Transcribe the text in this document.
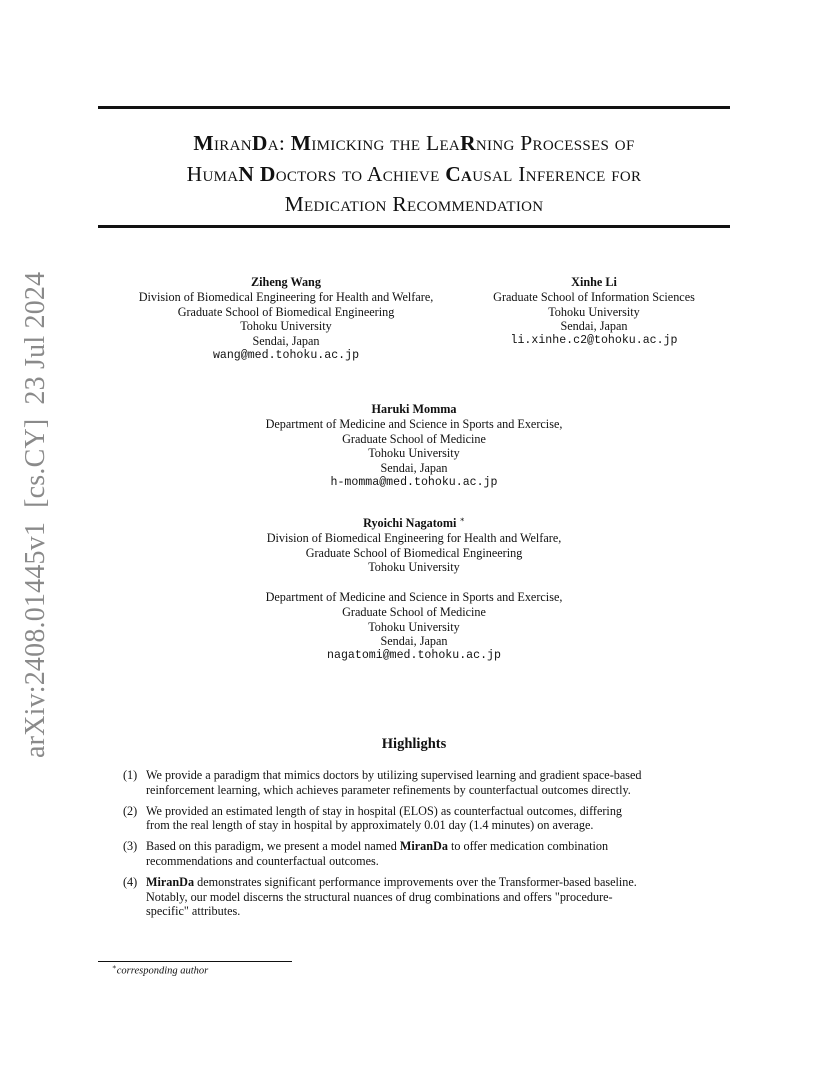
arXiv:2408.01445v1[cs.CY]23 Jul 2024
MiranDa: Mimicking the LeaRning Processes of
HumaN Doctors to Achieve Causal Inference for
Medication Recommendation
Ziheng Wang
Division of Biomedical Engineering for Health and Welfare,
Graduate School of Biomedical Engineering
Tohoku University
Sendai, Japan
wang@med.tohoku.ac.jp
Xinhe Li
Graduate School of Information Sciences
Tohoku University
Sendai, Japan
li.xinhe.c2@tohoku.ac.jp
Haruki Momma
Department of Medicine and Science in Sports and Exercise,
Graduate School of Medicine
Tohoku University
Sendai, Japan
h-momma@med.tohoku.ac.jp
Ryoichi Nagatomi ∗
Division of Biomedical Engineering for Health and Welfare,
Graduate School of Biomedical Engineering
Tohoku University
Department of Medicine and Science in Sports and Exercise,
Graduate School of Medicine
Tohoku University
Sendai, Japan
nagatomi@med.tohoku.ac.jp
Highlights
(1) We provide a paradigm that mimics doctors by utilizing supervised learning and gradient space-based
reinforcement learning, which achieves parameter refinements by counterfactual outcomes directly.
(2) We provided an estimated length of stay in hospital (ELOS) as counterfactual outcomes, differing
from the real length of stay in hospital by approximately 0.01 day (1.4 minutes) on average.
(3) Based on this paradigm, we present a model named MiranDa to offer medication combination
recommendations and counterfactual outcomes.
(4) MiranDa demonstrates significant performance improvements over the Transformer-based baseline.
Notably, our model discerns the structural nuances of drug combinations and offers "procedure-
specific" attributes.
∗corresponding author
